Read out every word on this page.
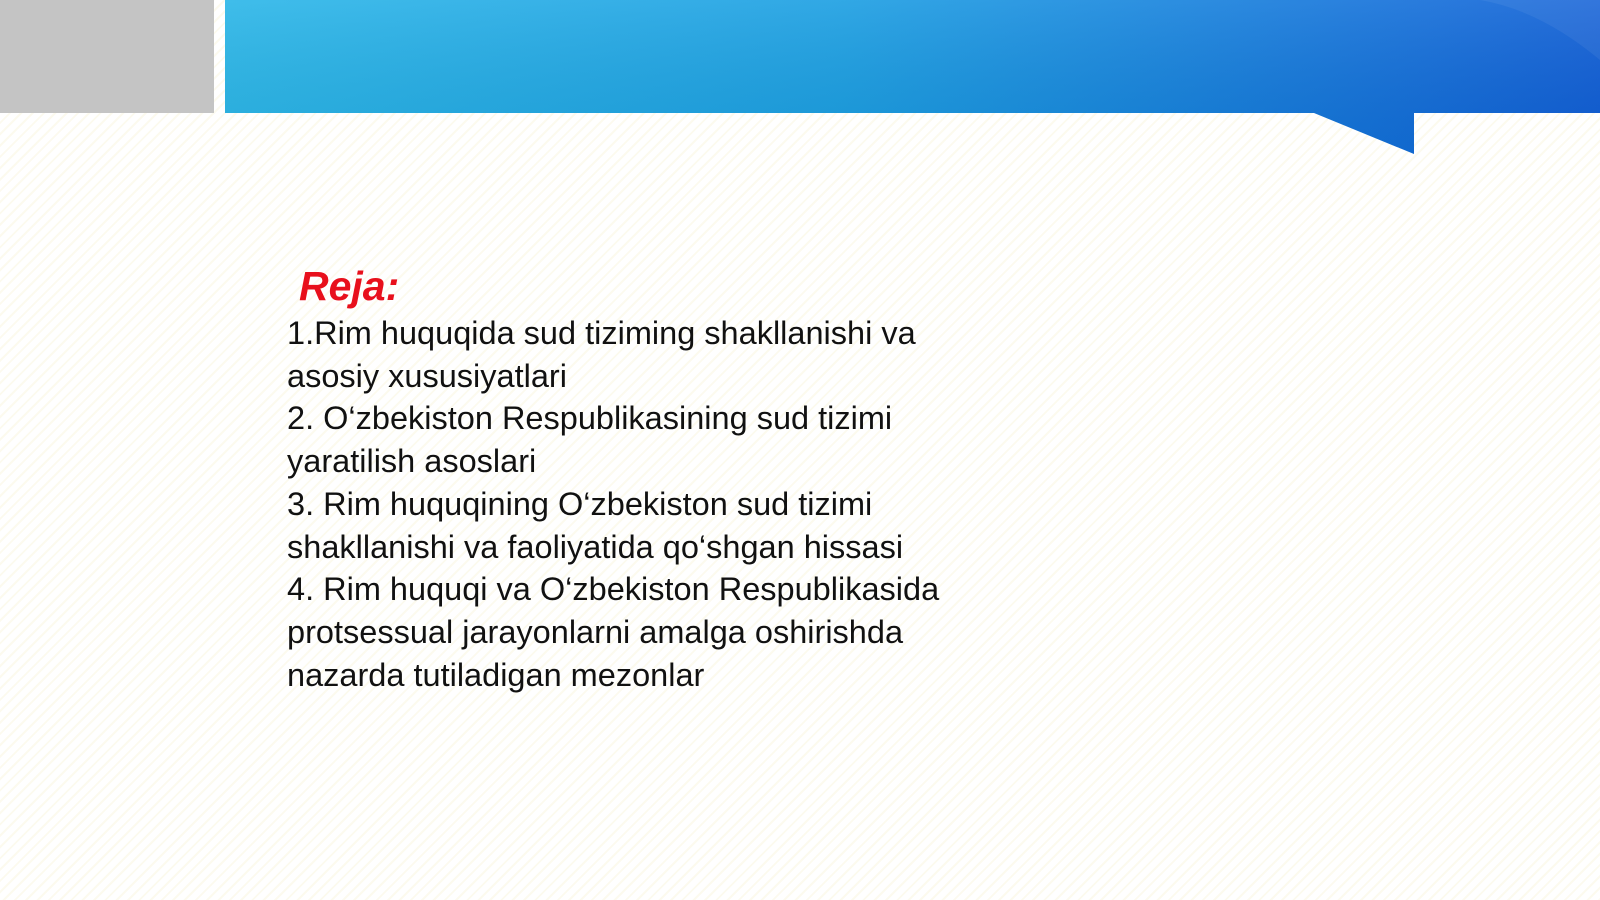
Reja:

1.Rim huquqida sud tiziming shakllanishi va
asosiy xususiyatlari

2. O‘zbekiston Respublikasining sud tizimi
yaratilish asoslari

3. Rim huquqining O‘zbekiston sud tizimi
shakllanishi va faoliyatida qo‘shgan hissasi

4. Rim huquqi va O‘zbekiston Respublikasida
protsessual jarayonlarni amalga oshirishda
nazarda tutiladigan mezonlar
